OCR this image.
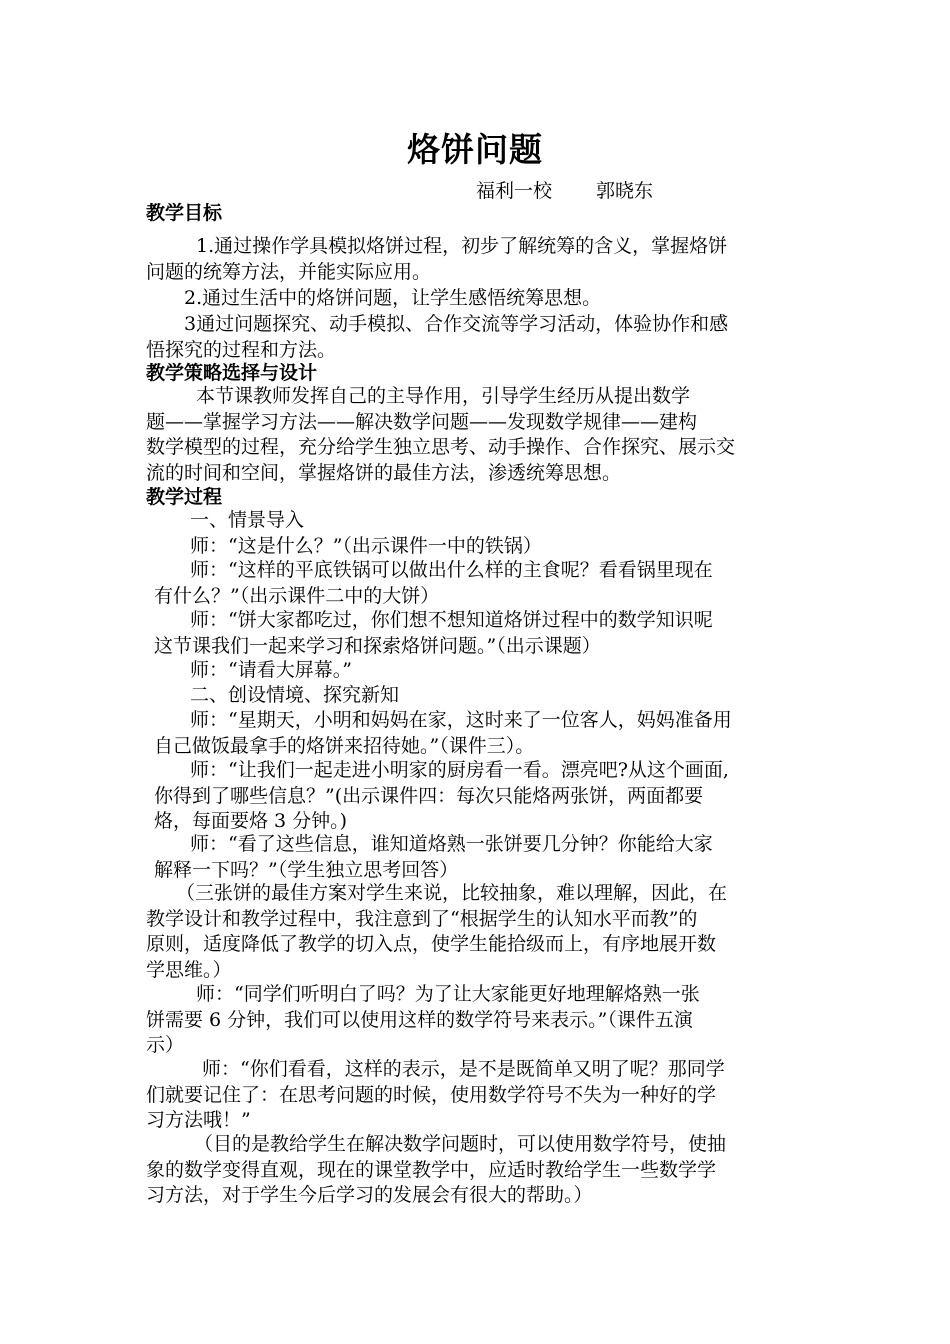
烙饼问题
福利一校 郭晓东
教学目标
1.通过操作学具模拟烙饼过程，初步了解统筹的含义，掌握烙饼
问题的统筹方法，并能实际应用。
2.通过生活中的烙饼问题，让学生感悟统筹思想。
3通过问题探究、动手模拟、合作交流等学习活动，体验协作和感
悟探究的过程和方法。
教学策略选择与设计
本节课教师发挥自己的主导作用，引导学生经历从提出数学
题——掌握学习方法——解决数学问题——发现数学规律——建构
数学模型的过程，充分给学生独立思考、动手操作、合作探究、展示交
流的时间和空间，掌握烙饼的最佳方法，渗透统筹思想。
教学过程
一、情景导入
师：“这是什么？”（出示课件一中的铁锅）
师：“这样的平底铁锅可以做出什么样的主食呢？看看锅里现在
有什么？”（出示课件二中的大饼）
师：“饼大家都吃过，你们想不想知道烙饼过程中的数学知识呢
这节课我们一起来学习和探索烙饼问题。”（出示课题）
师：“请看大屏幕。”
二、创设情境、探究新知
师：“星期天，小明和妈妈在家，这时来了一位客人，妈妈准备用
自己做饭最拿手的烙饼来招待她。”（课件三）。
师：“让我们一起走进小明家的厨房看一看。漂亮吧?从这个画面,
你得到了哪些信息？”(出示课件四：每次只能烙两张饼，两面都要
烙，每面要烙 3 分钟。)
师：“看了这些信息，谁知道烙熟一张饼要几分钟？你能给大家
解释一下吗？”（学生独立思考回答）
（三张饼的最佳方案对学生来说，比较抽象，难以理解，因此，在
教学设计和教学过程中，我注意到了“根据学生的认知水平而教”的
原则，适度降低了教学的切入点，使学生能拾级而上，有序地展开数
学思维。）
师：“同学们听明白了吗？为了让大家能更好地理解烙熟一张
饼需要 6 分钟，我们可以使用这样的数学符号来表示。”（课件五演
示）
师：“你们看看，这样的表示，是不是既简单又明了呢？那同学
们就要记住了：在思考问题的时候，使用数学符号不失为一种好的学
习方法哦！”
（目的是教给学生在解决数学问题时，可以使用数学符号，使抽
象的数学变得直观，现在的课堂教学中，应适时教给学生一些数学学
习方法，对于学生今后学习的发展会有很大的帮助。）
